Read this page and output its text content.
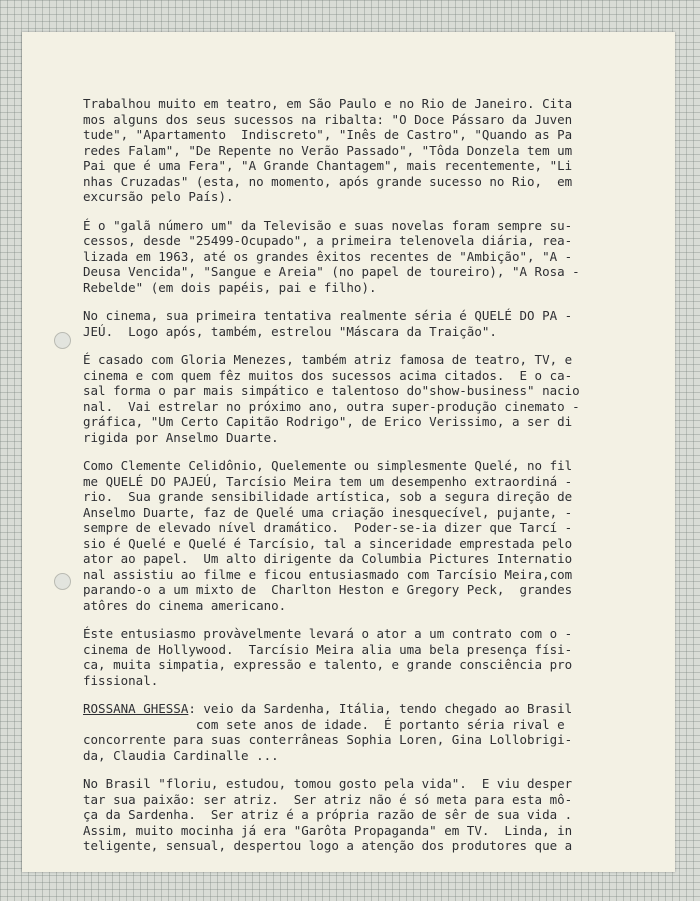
Trabalhou muito em teatro, em São Paulo e no Rio de Janeiro. Cita
mos alguns dos seus sucessos na ribalta: "O Doce Pássaro da Juven
tude", "Apartamento  Indiscreto", "Inês de Castro", "Quando as Pa
redes Falam", "De Repente no Verão Passado", "Tôda Donzela tem um
Pai que é uma Fera", "A Grande Chantagem", mais recentemente, "Li
nhas Cruzadas" (esta, no momento, após grande sucesso no Rio,  em
excursão pelo País).
É o "galã número um" da Televisão e suas novelas foram sempre su-
cessos, desde "25499-Ocupado", a primeira telenovela diária, rea-
lizada em 1963, até os grandes êxitos recentes de "Ambição", "A -
Deusa Vencida", "Sangue e Areia" (no papel de toureiro), "A Rosa -
Rebelde" (em dois papéis, pai e filho).
No cinema, sua primeira tentativa realmente séria é QUELÉ DO PA -
JEÚ.  Logo após, também, estrelou "Máscara da Traição".
É casado com Gloria Menezes, também atriz famosa de teatro, TV, e
cinema e com quem fêz muitos dos sucessos acima citados.  E o ca-
sal forma o par mais simpático e talentoso do"show-business" nacio
nal.  Vai estrelar no próximo ano, outra super-produção cinemato -
gráfica, "Um Certo Capitão Rodrigo", de Erico Verissimo, a ser di
rigida por Anselmo Duarte.
Como Clemente Celidônio, Quelemente ou simplesmente Quelé, no fil
me QUELÉ DO PAJEÚ, Tarcísio Meira tem um desempenho extraordiná -
rio.  Sua grande sensibilidade artística, sob a segura direção de
Anselmo Duarte, faz de Quelé uma criação inesquecível, pujante, -
sempre de elevado nível dramático.  Poder-se-ia dizer que Tarcí -
sio é Quelé e Quelé é Tarcísio, tal a sinceridade emprestada pelo
ator ao papel.  Um alto dirigente da Columbia Pictures Internatio
nal assistiu ao filme e ficou entusiasmado com Tarcísio Meira,com
parando-o a um mixto de  Charlton Heston e Gregory Peck,  grandes
atôres do cinema americano.
Éste entusiasmo provàvelmente levará o ator a um contrato com o -
cinema de Hollywood.  Tarcísio Meira alia uma bela presença físi-
ca, muita simpatia, expressão e talento, e grande consciência pro
fissional.
ROSSANA GHESSA: veio da Sardenha, Itália, tendo chegado ao Brasil
com sete anos de idade.  É portanto séria rival e
concorrente para suas conterrâneas Sophia Loren, Gina Lollobrigi-
da, Claudia Cardinalle ...
No Brasil "floriu, estudou, tomou gosto pela vida".  E viu desper
tar sua paixão: ser atriz.  Ser atriz não é só meta para esta mô-
ça da Sardenha.  Ser atriz é a própria razão de sêr de sua vida .
Assim, muito mocinha já era "Garôta Propaganda" em TV.  Linda, in
teligente, sensual, despertou logo a atenção dos produtores que a
